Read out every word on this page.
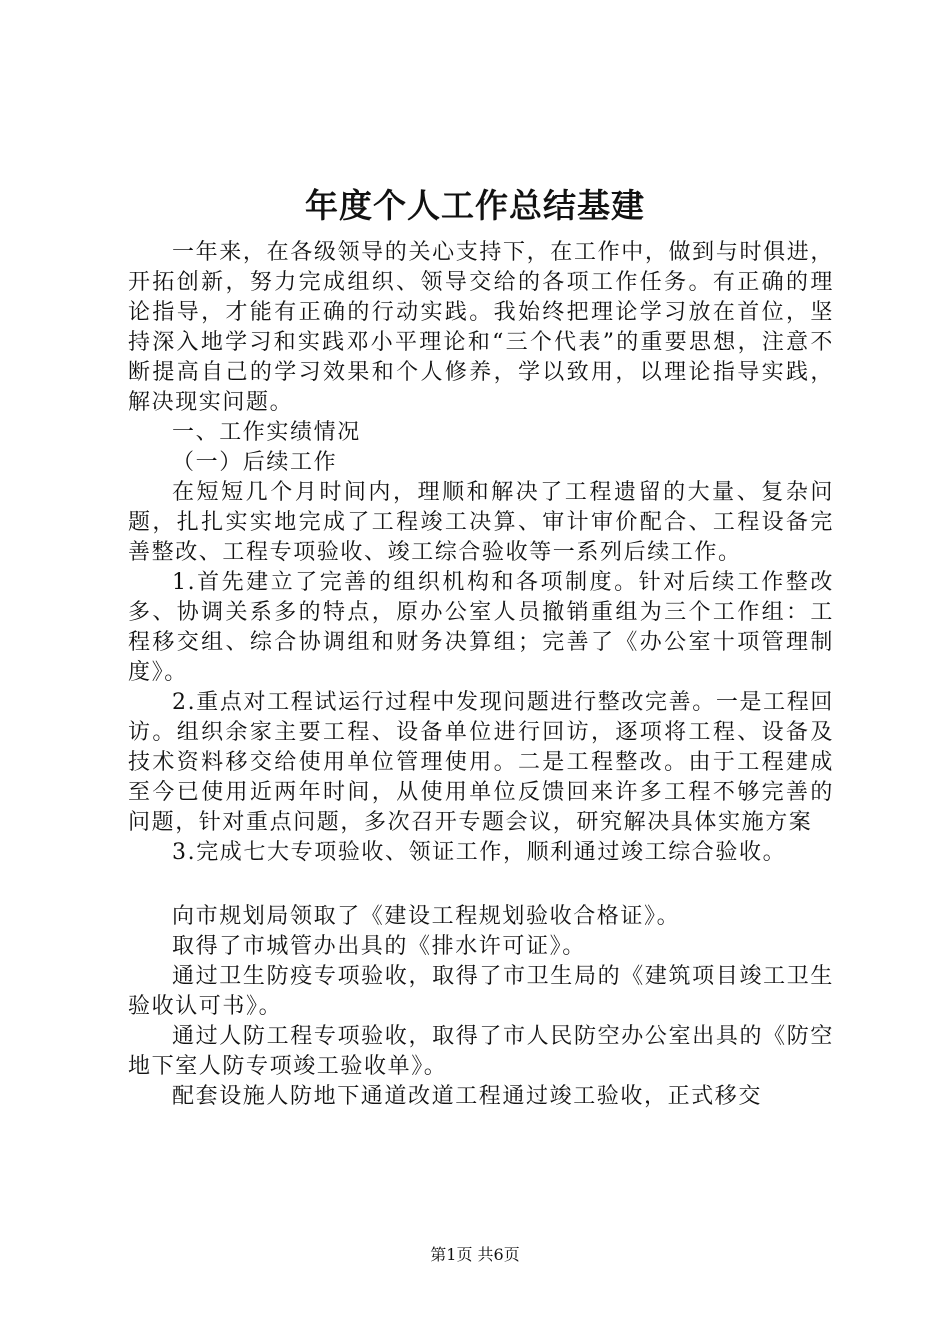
年度个人工作总结基建

一年来，在各级领导的关心支持下，在工作中，做到与时俱进，开拓创新，努力完成组织、领导交给的各项工作任务。有正确的理论指导，才能有正确的行动实践。我始终把理论学习放在首位，坚持深入地学习和实践邓小平理论和“三个代表”的重要思想，注意不断提高自己的学习效果和个人修养，学以致用，以理论指导实践，解决现实问题。

一、工作实绩情况

（一）后续工作

在短短几个月时间内，理顺和解决了工程遗留的大量、复杂问题，扎扎实实地完成了工程竣工决算、审计审价配合、工程设备完善整改、工程专项验收、竣工综合验收等一系列后续工作。

1.首先建立了完善的组织机构和各项制度。针对后续工作整改多、协调关系多的特点，原办公室人员撤销重组为三个工作组：工程移交组、综合协调组和财务决算组；完善了《办公室十项管理制度》。

2.重点对工程试运行过程中发现问题进行整改完善。一是工程回访。组织余家主要工程、设备单位进行回访，逐项将工程、设备及技术资料移交给使用单位管理使用。二是工程整改。由于工程建成至今已使用近两年时间，从使用单位反馈回来许多工程不够完善的问题，针对重点问题，多次召开专题会议，研究解决具体实施方案

3.完成七大专项验收、领证工作，顺利通过竣工综合验收。

向市规划局领取了《建设工程规划验收合格证》。

取得了市城管办出具的《排水许可证》。

通过卫生防疫专项验收，取得了市卫生局的《建筑项目竣工卫生验收认可书》。

通过人防工程专项验收，取得了市人民防空办公室出具的《防空地下室人防专项竣工验收单》。

配套设施人防地下通道改道工程通过竣工验收，正式移交

第1页 共6页
